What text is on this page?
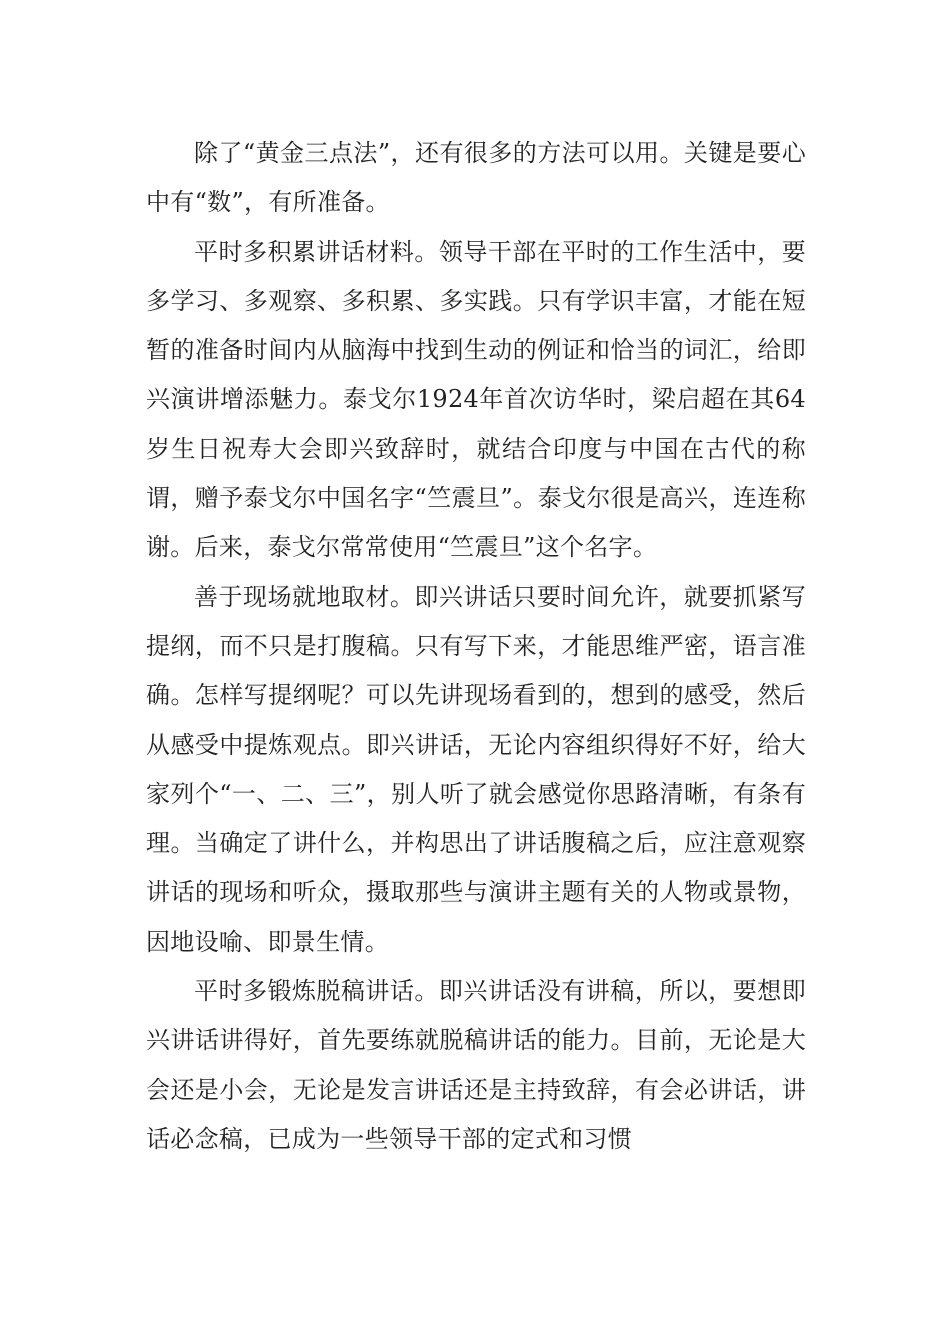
除了“黄金三点法”，还有很多的方法可以用。关键是要心中有“数”，有所准备。

平时多积累讲话材料。领导干部在平时的工作生活中，要多学习、多观察、多积累、多实践。只有学识丰富，才能在短暂的准备时间内从脑海中找到生动的例证和恰当的词汇，给即兴演讲增添魅力。泰戈尔1924年首次访华时，梁启超在其64岁生日祝寿大会即兴致辞时，就结合印度与中国在古代的称谓，赠予泰戈尔中国名字“竺震旦”。泰戈尔很是高兴，连连称谢。后来，泰戈尔常常使用“竺震旦”这个名字。

善于现场就地取材。即兴讲话只要时间允许，就要抓紧写提纲，而不只是打腹稿。只有写下来，才能思维严密，语言准确。怎样写提纲呢？可以先讲现场看到的，想到的感受，然后从感受中提炼观点。即兴讲话，无论内容组织得好不好，给大家列个“一、二、三”，别人听了就会感觉你思路清晰，有条有理。当确定了讲什么，并构思出了讲话腹稿之后，应注意观察讲话的现场和听众，摄取那些与演讲主题有关的人物或景物，因地设喻、即景生情。

平时多锻炼脱稿讲话。即兴讲话没有讲稿，所以，要想即兴讲话讲得好，首先要练就脱稿讲话的能力。目前，无论是大会还是小会，无论是发言讲话还是主持致辞，有会必讲话，讲话必念稿，已成为一些领导干部的定式和习惯
